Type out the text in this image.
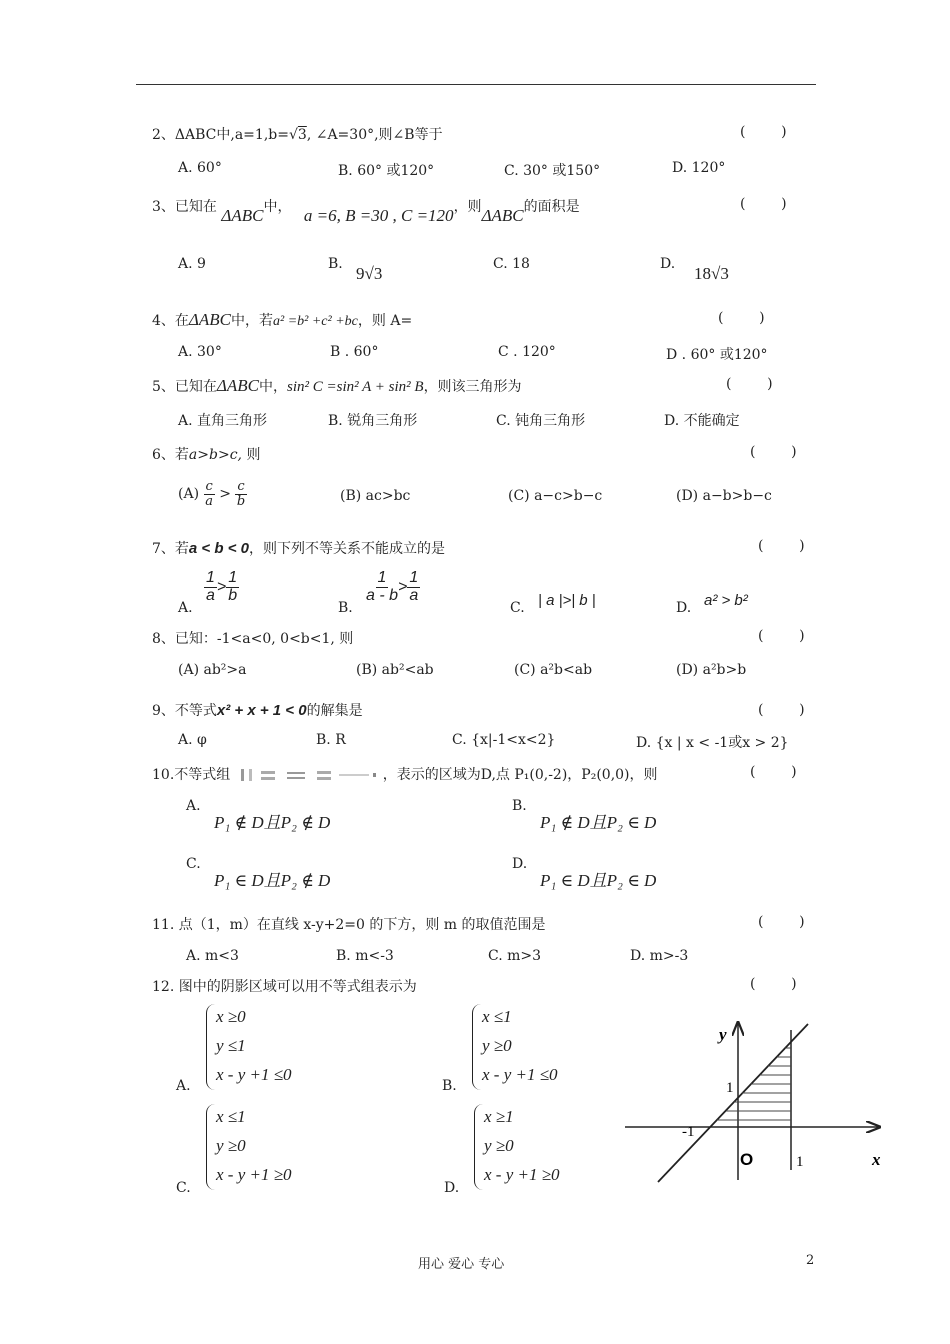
2、ΔABC中,a=1,b=√3, ∠A=30°,则∠B等于	(        )
A. 60°	B. 60° 或120°	C. 30° 或150°	D. 120°
3、已知在 ΔABC中， a =6, B =30 , C =120，则ΔABC的面积是	(        )
A. 9	B. 9√3	C. 18	D. 18√3
4、在ΔABC中，若a² =b² +c² +bc，则 A=	(        )
A. 30°	B . 60°	C . 120°	D . 60° 或120°
5、已知在ΔABC中，sin² C =sin² A + sin² B，则该三角形为	(        )
A. 直角三角形	B. 锐角三角形	C. 钝角三角形	D. 不能确定
6、若a>b>c, 则	(        )
$(A) \frac{c}{a} > \frac{c}{b}$	(B) ac>bc	(C) a−c>b−c	(D) a−b>b−c
7、若a < b < 0，则下列不等关系不能成立的是	(        )
A.
$\frac{1}{a} > \frac{1}{b}$
B.
$\frac{1}{a - b} > \frac{1}{a}$
C. | a |>| b |	D. a² > b²
8、已知：-1<a<0, 0<b<1, 则	(        )
(A) ab²>a	(B) ab²<ab	(C) a²b<ab	(D) a²b>b
9、不等式x² + x + 1 < 0的解集是	(        )
A. φ	B. R	C. {x|-1<x<2}	D. {x | x < -1或x > 2}
10.不等式组	，表示的区域为D,点 P₁(0,-2)，P₂(0,0)，则	(        )
A.
P₁ ∉ D且P₂ ∉ D
B.
P₁ ∉ D且P₂ ∈ D
C.
P₁ ∈ D且P₂ ∉ D
D.
P₁ ∈ D且P₂ ∈ D
11. 点（1，m）在直线 x-y+2=0 的下方，则 m 的取值范围是	(        )
A. m<3	B. m<-3	C. m>3	D. m>-3
12. 图中的阴影区域可以用不等式组表示为	(        )
A.
x ≥0
y ≤1
x - y +1 ≤0
B.
x ≤1
y ≥0
x - y +1 ≤0
C.
x ≤1
y ≥0
x - y +1 ≥0
D.
x ≥1
y ≥0
x - y +1 ≥0
y
x
O
1
-1
1
用心 爱心 专心	2
